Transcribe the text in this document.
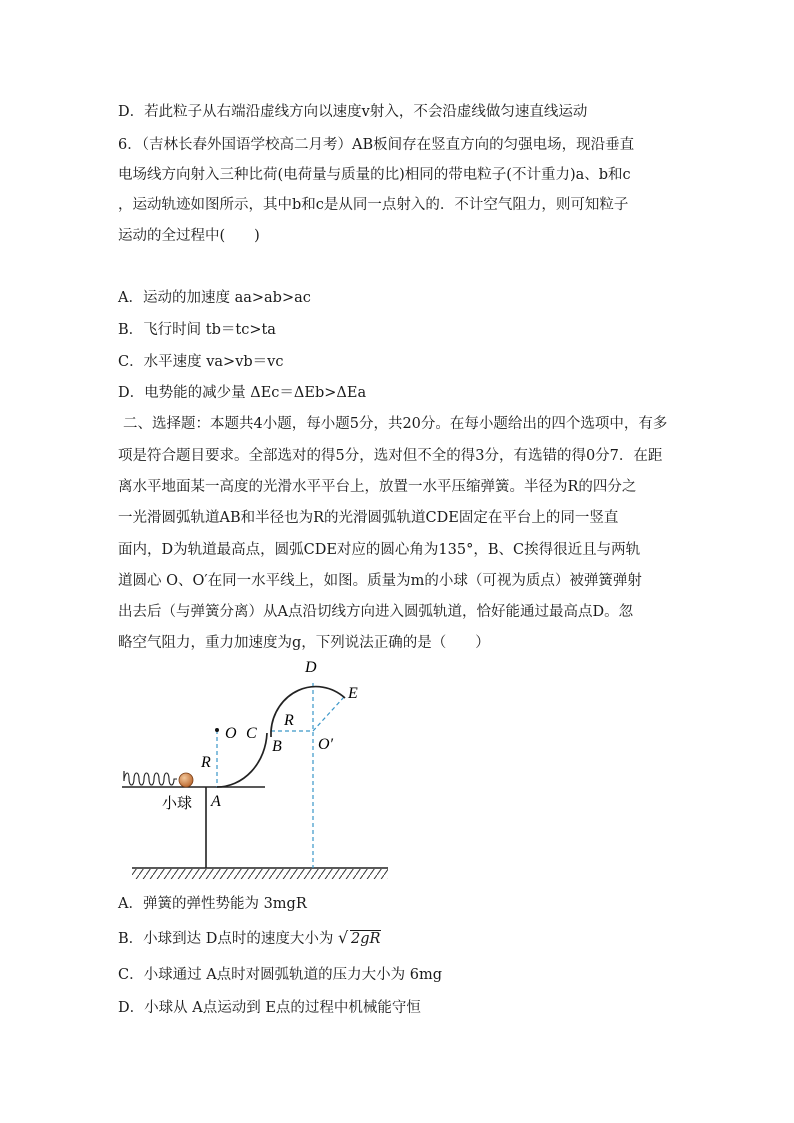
D．若此粒子从右端沿虚线方向以速度v射入，不会沿虚线做匀速直线运动
6．（吉林长春外国语学校高二月考）AB板间存在竖直方向的匀强电场，现沿垂直
电场线方向射入三种比荷(电荷量与质量的比)相同的带电粒子(不计重力)a、b和c
，运动轨迹如图所示，其中b和c是从同一点射入的．不计空气阻力，则可知粒子
运动的全过程中(　　)
A．运动的加速度 aa>ab>ac
B．飞行时间 tb＝tc>ta
C．水平速度 va>vb＝vc
D．电势能的减少量 ΔEc＝ΔEb>ΔEa
二、选择题：本题共4小题，每小题5分，共20分。在每小题给出的四个选项中，有多
项是符合题目要求。全部选对的得5分，选对但不全的得3分，有选错的得0分7．在距
离水平地面某一高度的光滑水平平台上，放置一水平压缩弹簧。半径为R的四分之
一光滑圆弧轨道AB和半径也为R的光滑圆弧轨道CDE固定在平台上的同一竖直
面内，D为轨道最高点，圆弧CDE对应的圆心角为135°，B、C挨得很近且与两轨
道圆心 O、O′在同一水平线上，如图。质量为m的小球（可视为质点）被弹簧弹射
出去后（与弹簧分离）从A点沿切线方向进入圆弧轨道，恰好能通过最高点D。忽
略空气阻力，重力加速度为g，下列说法正确的是（　　）
D
E
O C
R
B O′
R
A
小球
A．弹簧的弹性势能为 3mgR
B．小球到达 D点时的速度大小为 √ 2gR
C．小球通过 A点时对圆弧轨道的压力大小为 6mg
D．小球从 A点运动到 E点的过程中机械能守恒
